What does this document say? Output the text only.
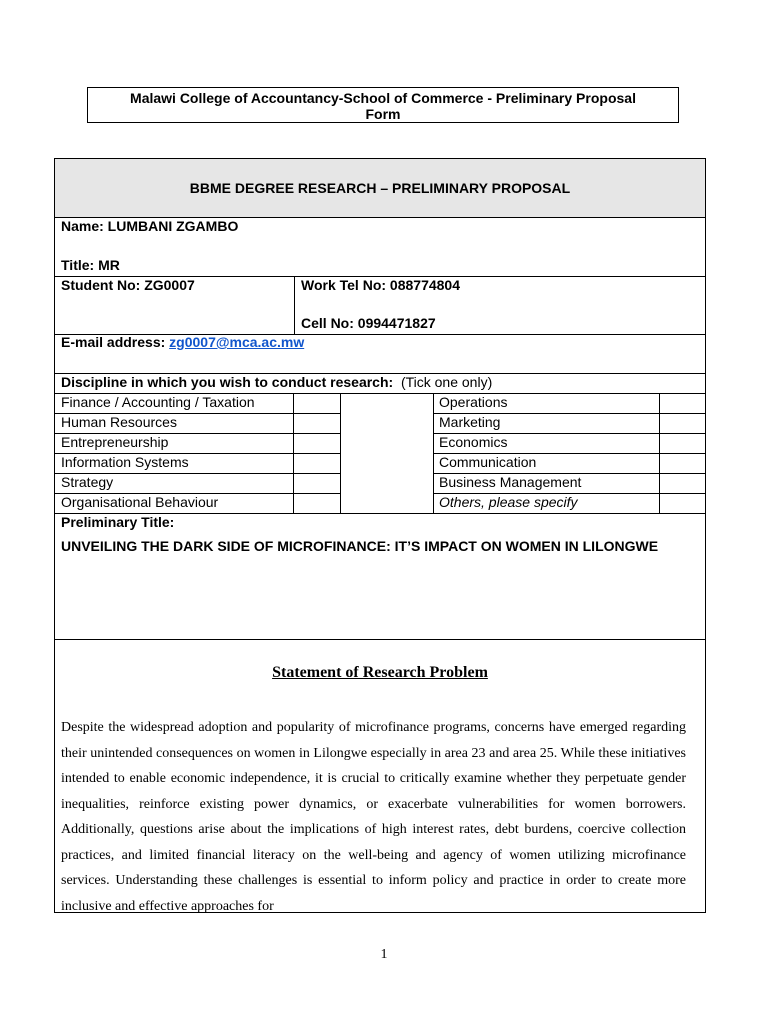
Malawi College of Accountancy-School of Commerce - Preliminary Proposal
Form
BBME DEGREE RESEARCH – PRELIMINARY PROPOSAL
Name: LUMBANI ZGAMBO
Title: MR
Student No: ZG0007	Work Tel No: 088774804
Cell No: 0994471827
E-mail address: zg0007@mca.ac.mw
Discipline in which you wish to conduct research: (Tick one only)
Finance / Accounting / Taxation
Human Resources
Entrepreneurship
Information Systems
Strategy
Organisational Behaviour
Operations
Marketing
Economics
Communication
Business Management
Others, please specify
Preliminary Title:
UNVEILING THE DARK SIDE OF MICROFINANCE: IT’S IMPACT ON WOMEN IN LILONGWE
Statement of Research Problem
Despite the widespread adoption and popularity of microfinance programs, concerns have emerged regarding their unintended consequences on women in Lilongwe especially in area 23 and area 25. While these initiatives intended to enable economic independence, it is crucial to critically examine whether they perpetuate gender inequalities, reinforce existing power dynamics, or exacerbate vulnerabilities for women borrowers. Additionally, questions arise about the implications of high interest rates, debt burdens, coercive collection practices, and limited financial literacy on the well-being and agency of women utilizing microfinance services. Understanding these challenges is essential to inform policy and practice in order to create more inclusive and effective approaches for
1
